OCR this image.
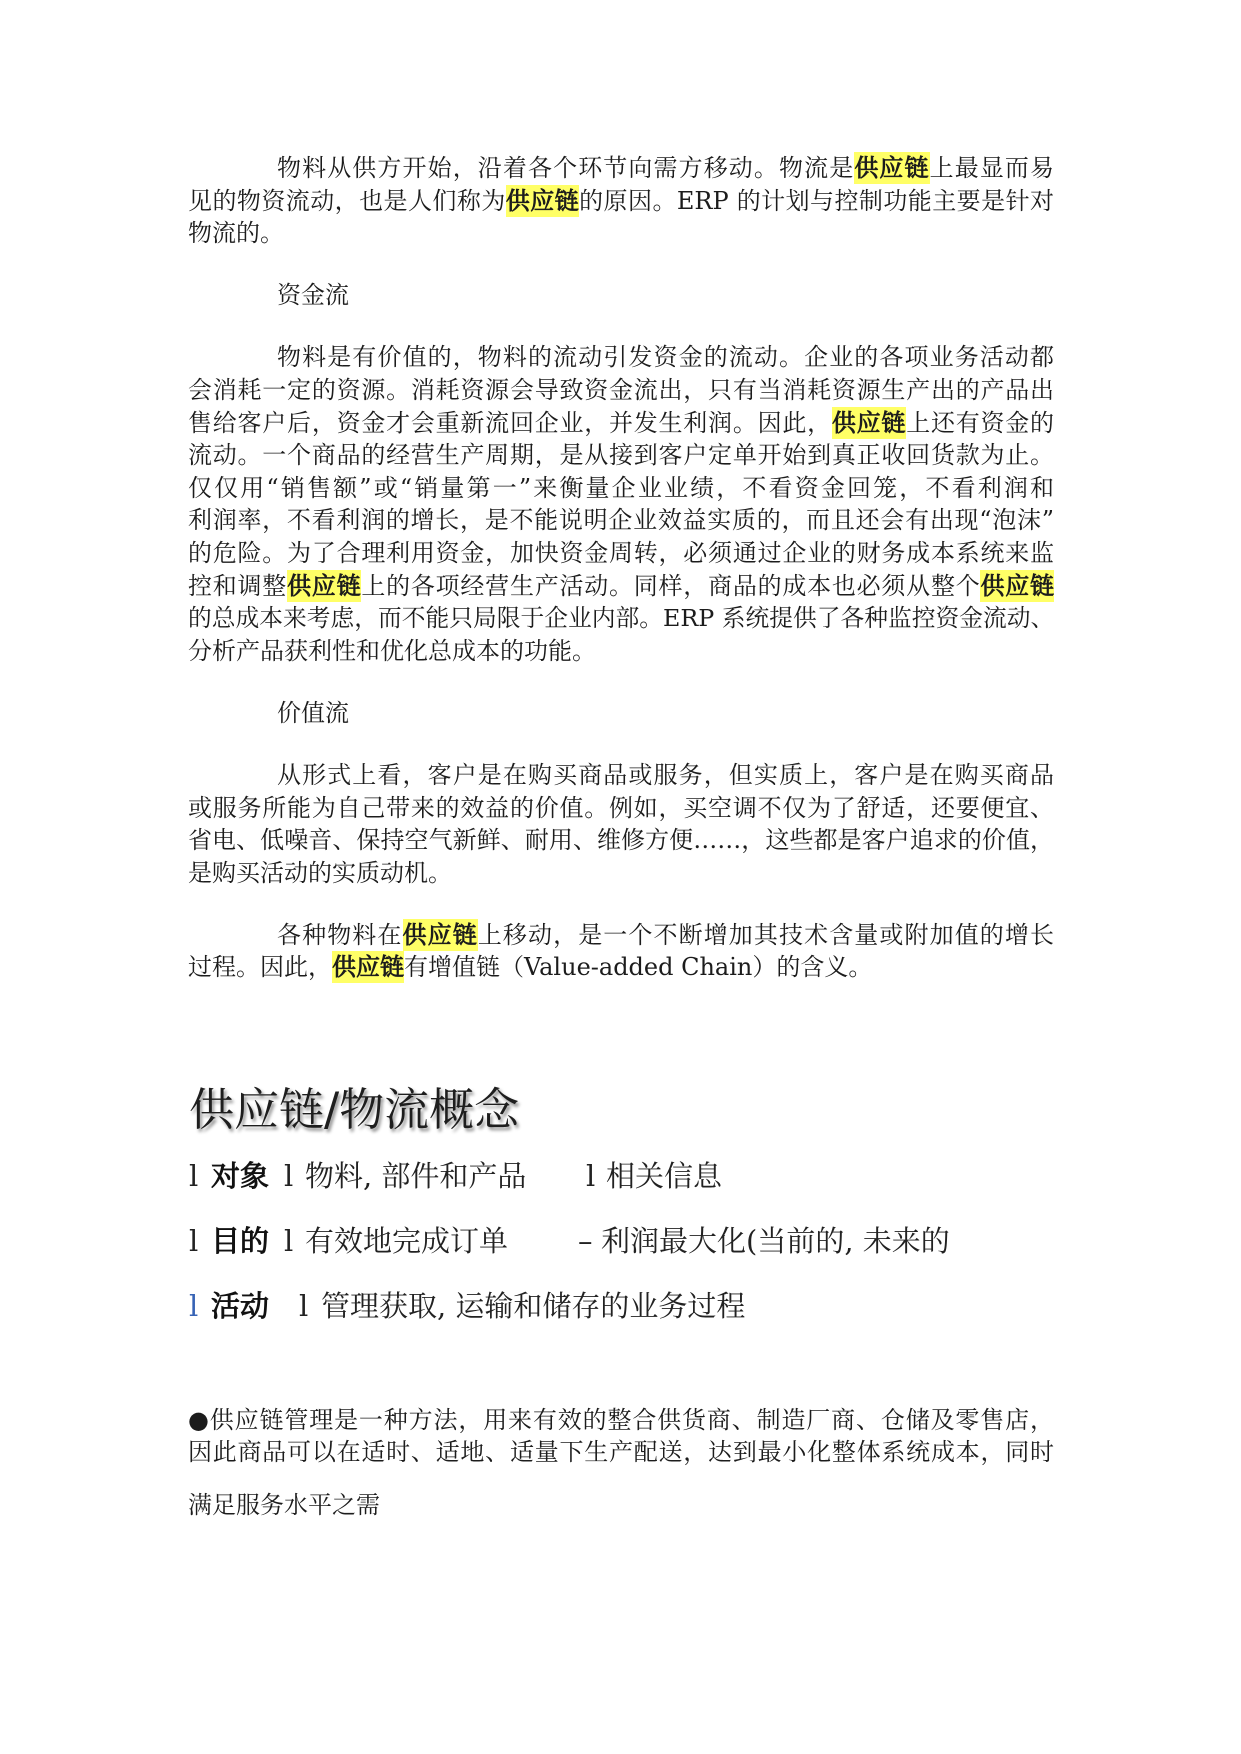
物料从供方开始，沿着各个环节向需方移动。物流是供应链上最显而易
见的物资流动，也是人们称为供应链的原因。ERP 的计划与控制功能主要是针对
物流的。
资金流
物料是有价值的，物料的流动引发资金的流动。企业的各项业务活动都
会消耗一定的资源。消耗资源会导致资金流出，只有当消耗资源生产出的产品出
售给客户后，资金才会重新流回企业，并发生利润。因此，供应链上还有资金的
流动。一个商品的经营生产周期，是从接到客户定单开始到真正收回货款为止。
仅仅用“销售额”或“销量第一”来衡量企业业绩，不看资金回笼，不看利润和
利润率，不看利润的增长，是不能说明企业效益实质的，而且还会有出现“泡沫”
的危险。为了合理利用资金，加快资金周转，必须通过企业的财务成本系统来监
控和调整供应链上的各项经营生产活动。同样，商品的成本也必须从整个供应链
的总成本来考虑，而不能只局限于企业内部。ERP 系统提供了各种监控资金流动、
分析产品获利性和优化总成本的功能。
价值流
从形式上看，客户是在购买商品或服务，但实质上，客户是在购买商品
或服务所能为自己带来的效益的价值。例如，买空调不仅为了舒适，还要便宜、
省电、低噪音、保持空气新鲜、耐用、维修方便……，这些都是客户追求的价值，
是购买活动的实质动机。
各种物料在供应链上移动，是一个不断增加其技术含量或附加值的增长
过程。因此，供应链有增值链（Value-added Chain）的含义。
供应链/物流概念
l 对象 l 物料, 部件和产品 l 相关信息
l 目的 l 有效地完成订单 – 利润最大化(当前的, 未来的
l 活动 l 管理获取, 运输和储存的业务过程
●供应链管理是一种方法，用来有效的整合供货商、制造厂商、仓储及零售店，
因此商品可以在适时、适地、适量下生产配送，达到最小化整体系统成本，同时
满足服务水平之需
